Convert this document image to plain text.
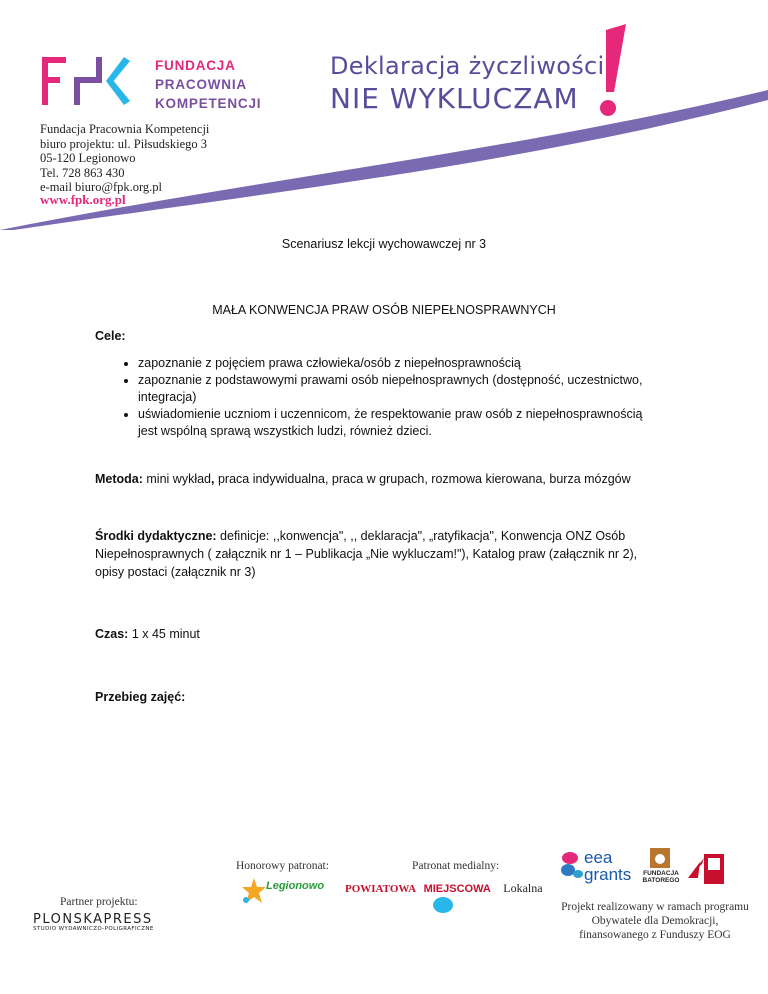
FUNDACJA
PRACOWNIA
KOMPETENCJI
Deklaracja życzliwości
NIE WYKLUCZAM
Fundacja Pracownia Kompetencji
biuro projektu: ul. Piłsudskiego 3
05-120 Legionowo
Tel. 728 863 430
e-mail biuro@fpk.org.pl
www.fpk.org.pl
Scenariusz lekcji wychowawczej nr 3
MAŁA KONWENCJA PRAW OSÓB NIEPEŁNOSPRAWNYCH
Cele:
• zapoznanie z pojęciem prawa człowieka/osób z niepełnosprawnością
• zapoznanie z podstawowymi prawami osób niepełnosprawnych (dostępność, uczestnictwo,
integracja)
• uświadomienie uczniom i uczennicom, że respektowanie praw osób z niepełnosprawnością
jest wspólną sprawą wszystkich ludzi, również dzieci.
Metoda: mini wykład, praca indywidualna, praca w grupach, rozmowa kierowana, burza mózgów
Środki dydaktyczne: definicje: ,,konwencja", ,, deklaracja", „ratyfikacja", Konwencja ONZ Osób
Niepełnosprawnych ( załącznik nr 1 – Publikacja „Nie wykluczam!"), Katalog praw (załącznik nr 2),
opisy postaci (załącznik nr 3)
Czas: 1 x 45 minut
Przebieg zajęć:
Honorowy patronat:
Legionowo
Patronat medialny:
POWIATOWA MIEJSCOWA Lokalna
Partner projektu:
PLONSKAPRESS
STUDIO WYDAWNICZO-POLIGRAFICZNE
eea
grants	FUNDACJA
BATOREGO
Projekt realizowany w ramach programu
Obywatele dla Demokracji,
finansowanego z Funduszy EOG
